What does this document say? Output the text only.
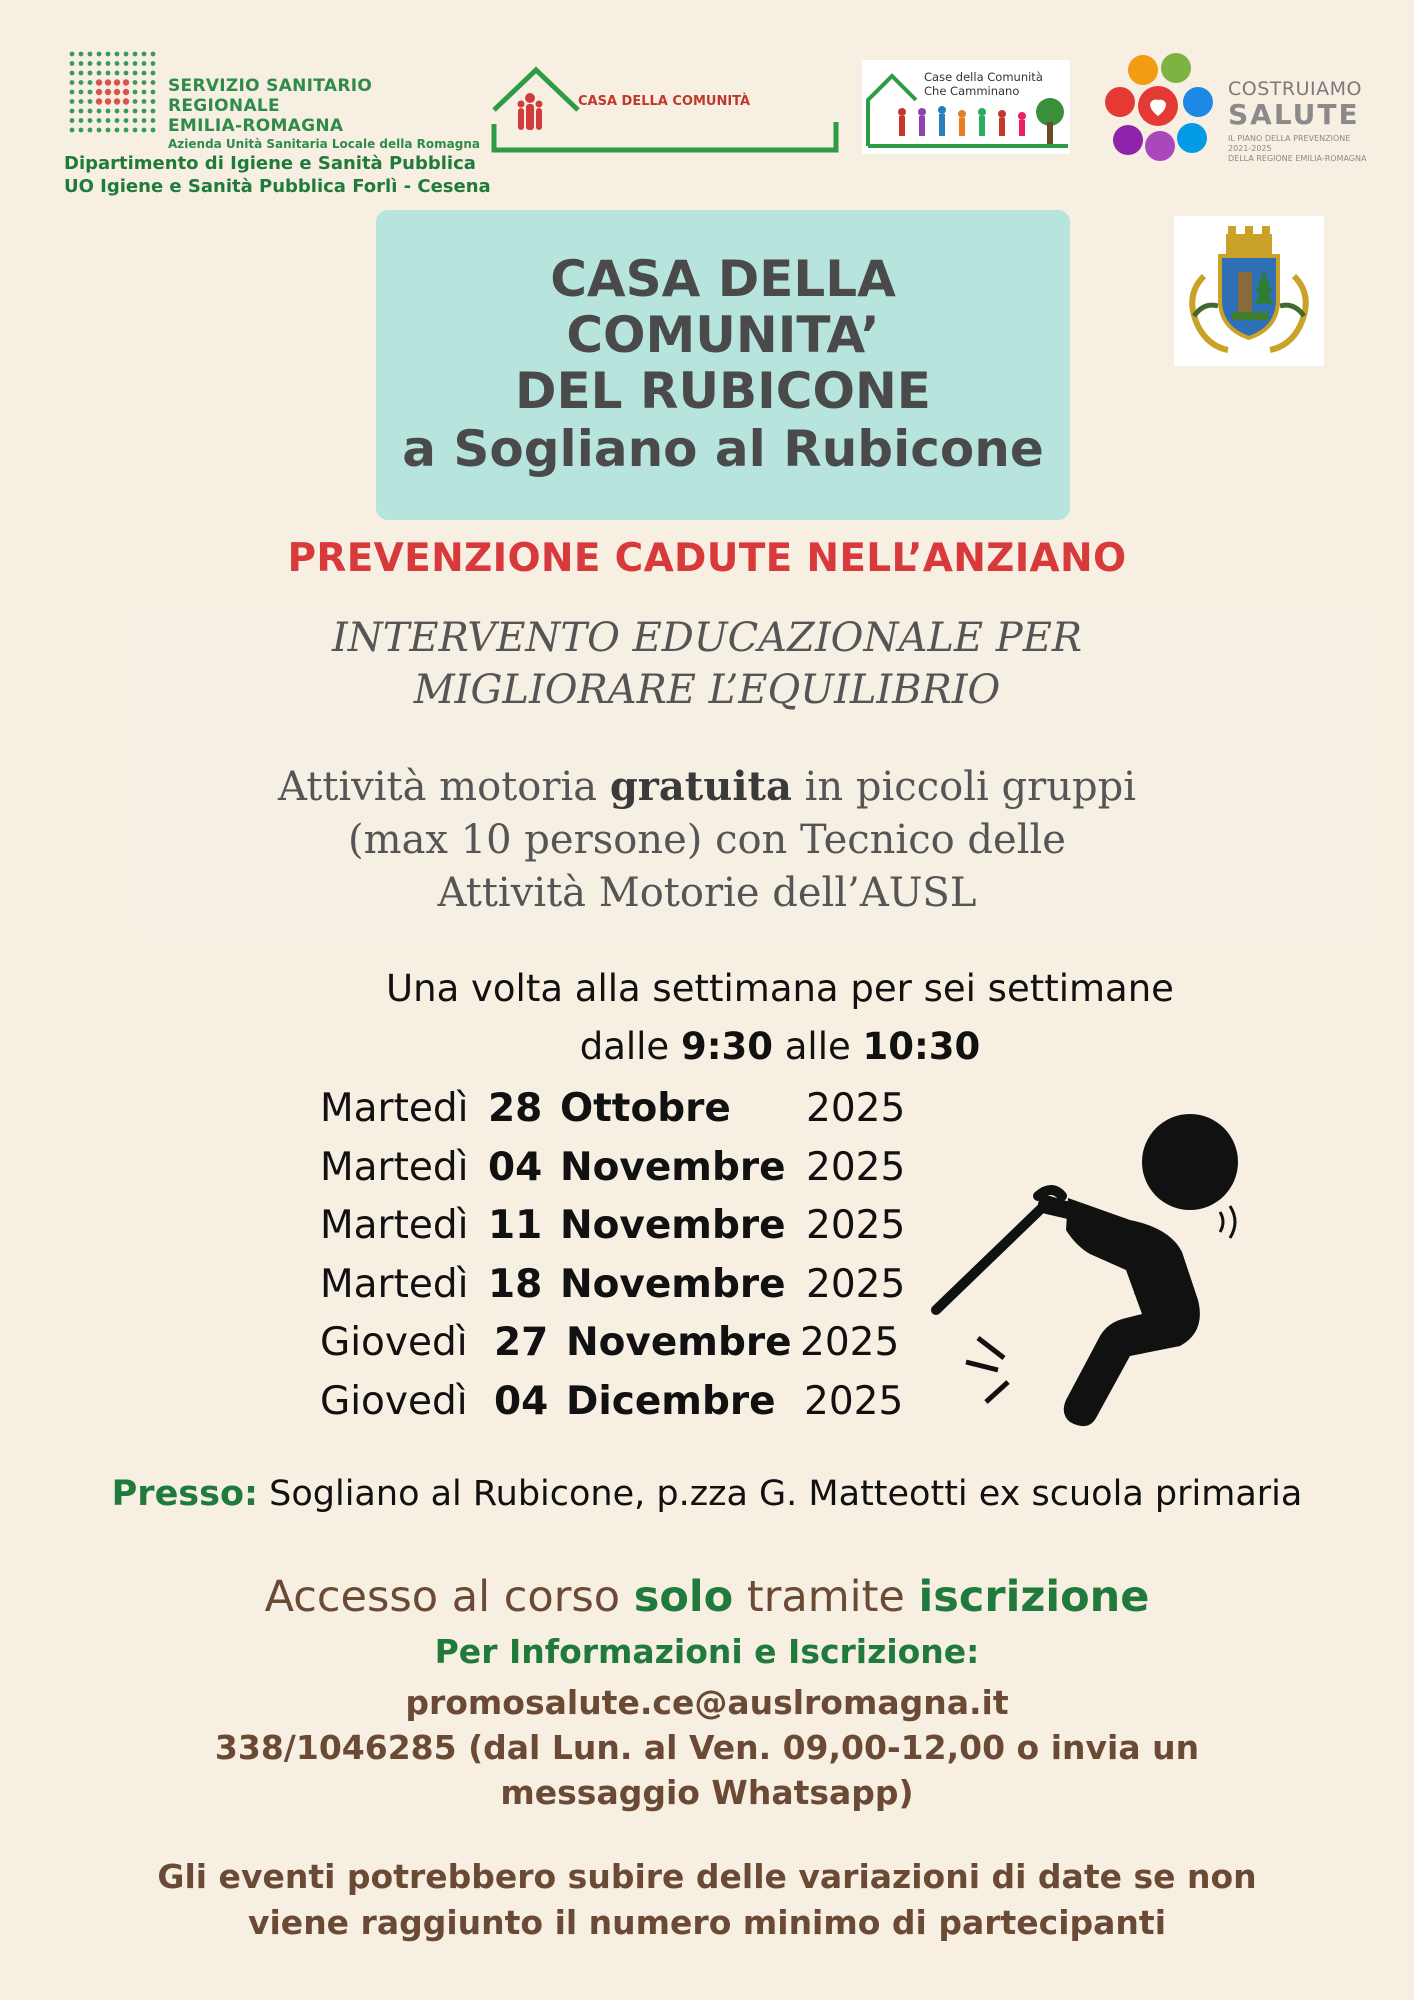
SERVIZIO SANITARIO REGIONALE
EMILIA-ROMAGNA
Azienda Unità Sanitaria Locale della Romagna
Dipartimento di Igiene e Sanità Pubblica
UO Igiene e Sanità Pubblica Forlì - Cesena
CASA DELLA COMUNITÀ
Case della Comunità
Che Camminano	COSTRUIAMO
SALUTE
IL PIANO DELLA PREVENZIONE 2021-2025
DELLA REGIONE EMILIA-ROMAGNA
CASA DELLA
COMUNITA’
DEL RUBICONE
a Sogliano al Rubicone
PREVENZIONE CADUTE NELL’ANZIANO
INTERVENTO EDUCAZIONALE PER
MIGLIORARE L’EQUILIBRIO
Attività motoria gratuita in piccoli gruppi
(max 10 persone) con Tecnico delle
Attività Motorie dell’AUSL
Una volta alla settimana per sei settimane
dalle 9:30 alle 10:30
Martedì 28 Ottobre 2025
Martedì 04 Novembre 2025
Martedì 11 Novembre 2025
Martedì 18 Novembre 2025
Giovedì 27 Novembre 2025
Giovedì 04 Dicembre 2025
Presso: Sogliano al Rubicone, p.zza G. Matteotti ex scuola primaria
Accesso al corso solo tramite iscrizione
Per Informazioni e Iscrizione:
promosalute.ce@auslromagna.it
338/1046285 (dal Lun. al Ven. 09,00-12,00 o invia un
messaggio Whatsapp)
Gli eventi potrebbero subire delle variazioni di date se non
viene raggiunto il numero minimo di partecipanti
